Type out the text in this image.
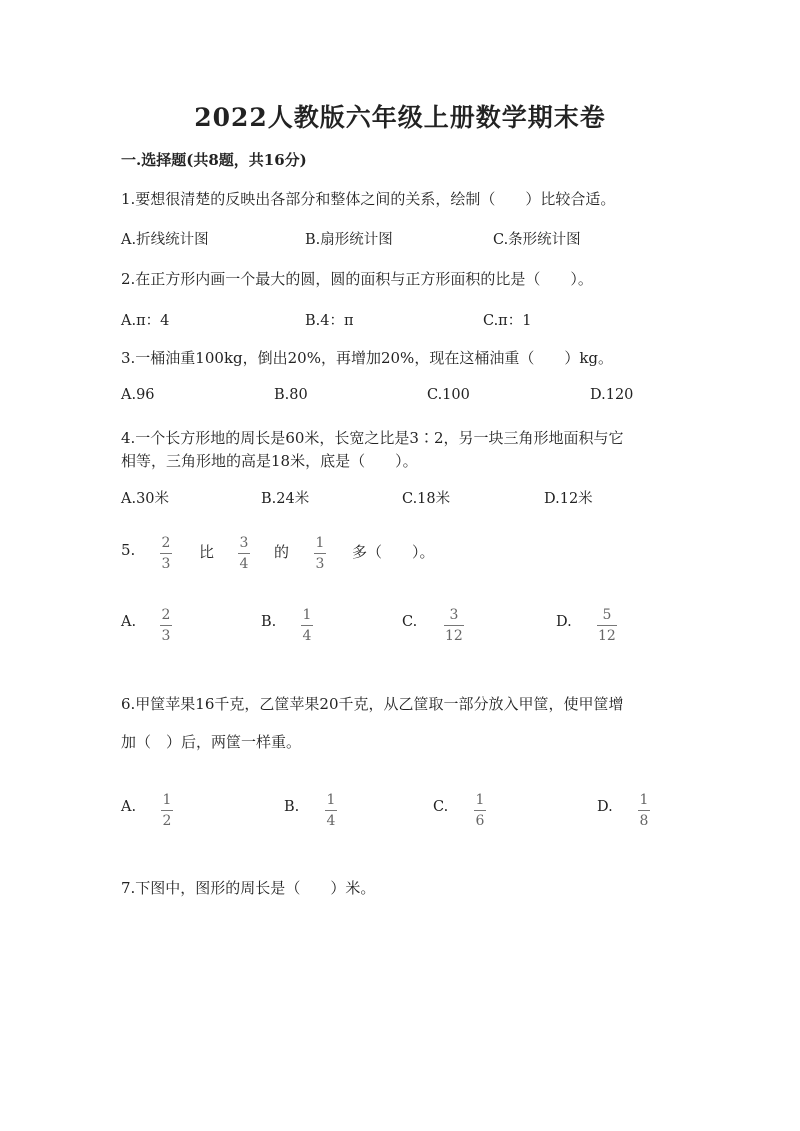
2022人教版六年级上册数学期末卷
一.选择题(共8题，共16分)
1.要想很清楚的反映出各部分和整体之间的关系，绘制（　　）比较合适。
A.折线统计图	B.扇形统计图	C.条形统计图
2.在正方形内画一个最大的圆，圆的面积与正方形面积的比是（　　）。
A.π：4	B.4：π	C.π：1
3.一桶油重100kg，倒出20%，再增加20%，现在这桶油重（　　）kg。
A.96	B.80	C.100	D.120
4.一个长方形地的周长是60米，长宽之比是3∶2，另一块三角形地面积与它
相等，三角形地的高是18米，底是（　　）。
A.30米	B.24米	C.18米	D.12米
5. 2
3
比 3
4
的 1
3
多（　　）。
A. 2
3
B. 1
4
C. 3
12
D. 5
12
6.甲筐苹果16千克，乙筐苹果20千克，从乙筐取一部分放入甲筐，使甲筐增
加（　）后，两筐一样重。
A. 1
2
B. 1
4
C. 1
6
D. 1
8
7.下图中，图形的周长是（　　）米。
